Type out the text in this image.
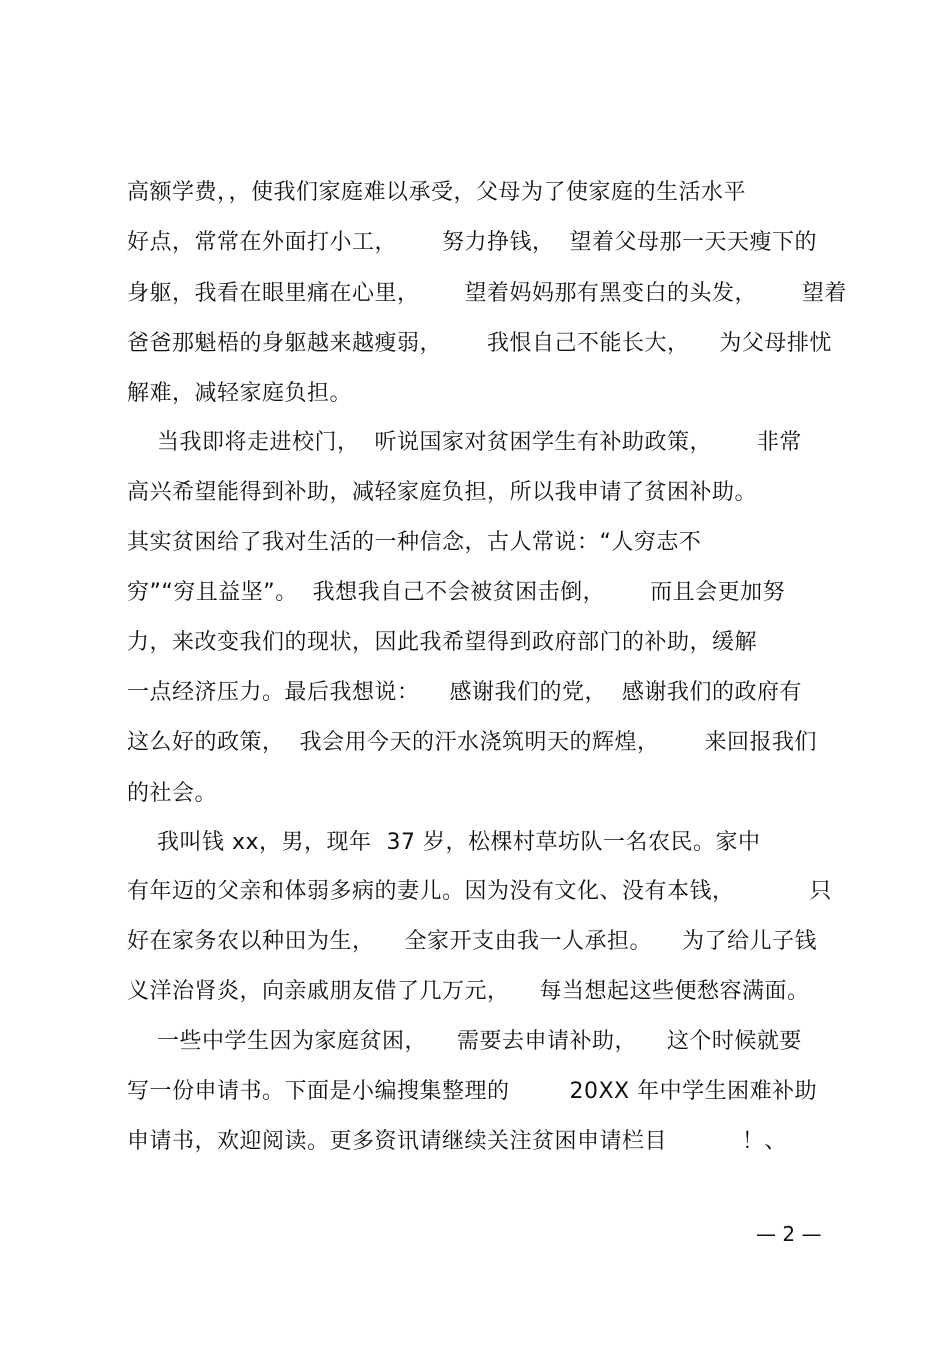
高额学费，，使我们家庭难以承受，父母为了使家庭的生活水平
好点，常常在外面打小工，      努力挣钱，  望着父母那一天天瘦下的
身躯，我看在眼里痛在心里，      望着妈妈那有黑变白的头发，      望着
爸爸那魁梧的身躯越来越瘦弱，      我恨自己不能长大，    为父母排忧
解难，减轻家庭负担。
当我即将走进校门，  听说国家对贫困学生有补助政策，      非常
高兴希望能得到补助，减轻家庭负担，所以我申请了贫困补助。
其实贫困给了我对生活的一种信念，古人常说：“人穷志不
穷”“穷且益坚”。  我想我自己不会被贫困击倒，      而且会更加努
力，来改变我们的现状，因此我希望得到政府部门的补助，缓解
一点经济压力。最后我想说：    感谢我们的党，  感谢我们的政府有
这么好的政策，  我会用今天的汗水浇筑明天的辉煌，      来回报我们
的社会。
我叫钱 xx，男，现年  37 岁，松棵村草坊队一名农民。家中
有年迈的父亲和体弱多病的妻儿。因为没有文化、没有本钱，          只
好在家务农以种田为生，    全家开支由我一人承担。    为了给儿子钱
义洋治肾炎，向亲戚朋友借了几万元，    每当想起这些便愁容满面。
一些中学生因为家庭贫困，    需要去申请补助，    这个时候就要
写一份申请书。下面是小编搜集整理的        20XX 年中学生困难补助
申请书，欢迎阅读。更多资讯请继续关注贫困申请栏目          ！、
— 2 —
